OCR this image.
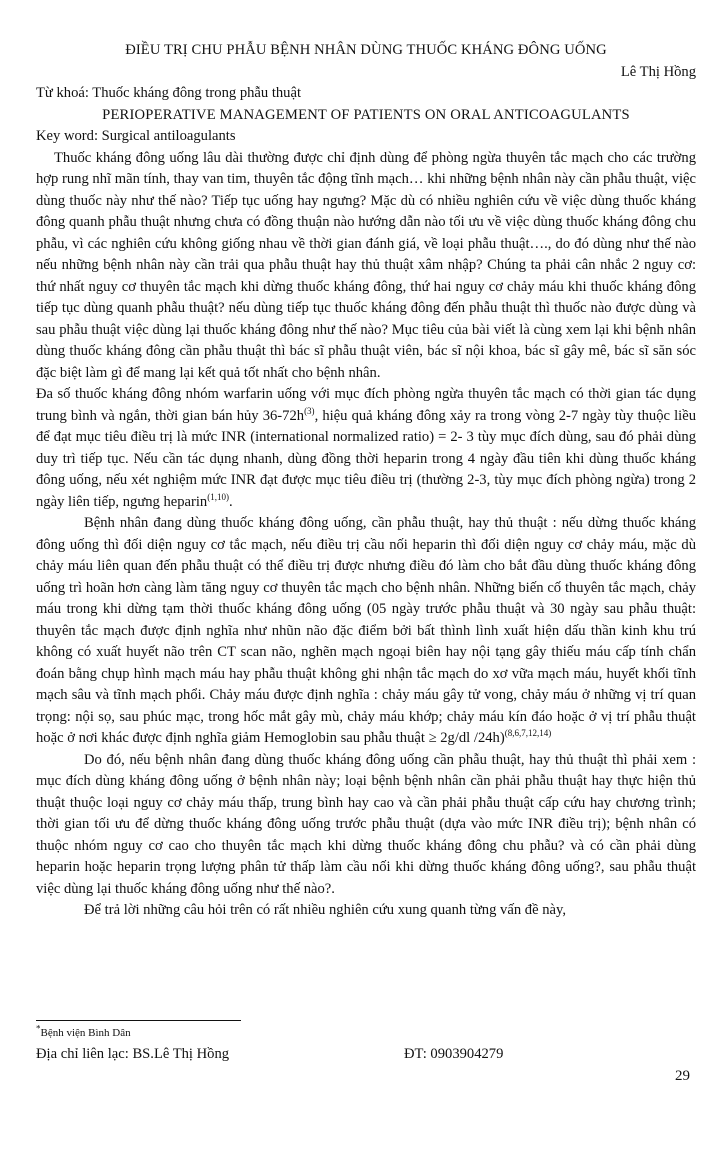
ĐIỀU TRỊ CHU PHẪU BỆNH NHÂN DÙNG THUỐC KHÁNG ĐÔNG UỐNG

Lê Thị Hồng

Từ khoá: Thuốc kháng đông trong phẫu thuật

PERIOPERATIVE MANAGEMENT OF PATIENTS ON ORAL ANTICOAGULANTS

Key word: Surgical antiloagulants

Thuốc kháng đông uống lâu dài thường được chỉ định dùng để phòng ngừa thuyên tắc mạch cho các trường hợp rung nhĩ mãn tính, thay van tim, thuyên tắc động tĩnh mạch… khi những bệnh nhân này cần phẫu thuật, việc dùng thuốc này như thế nào? Tiếp tục uống hay ngưng? Mặc dù có nhiều nghiên cứu về việc dùng thuốc kháng đông quanh phẫu thuật nhưng chưa có đồng thuận nào hướng dẫn nào tối ưu về việc dùng thuốc kháng đông chu phẫu, vì các nghiên cứu không giống nhau về thời gian đánh giá, về loại phẫu thuật…., do đó dùng như thế nào nếu những bệnh nhân này cần trải qua phẫu thuật hay thủ thuật xâm nhập? Chúng ta phải cân nhắc 2 nguy cơ: thứ nhất nguy cơ thuyên tắc mạch khi dừng thuốc kháng đông, thứ hai nguy cơ chảy máu khi thuốc kháng đông tiếp tục dùng quanh phẫu thuật? nếu dùng tiếp tục thuốc kháng đông đến phẫu thuật thì thuốc nào được dùng và sau phẫu thuật việc dùng lại thuốc kháng đông như thế nào? Mục tiêu của bài viết là cùng xem lại khi bệnh nhân dùng thuốc kháng đông cần phẫu thuật thì bác sĩ phẫu thuật viên, bác sĩ nội khoa, bác sĩ gây mê, bác sĩ săn sóc đặc biệt làm gì để mang lại kết quả tốt nhất cho bệnh nhân.

Đa số thuốc kháng đông nhóm warfarin uống với mục đích phòng ngừa thuyên tắc mạch có thời gian tác dụng trung bình và ngắn, thời gian bán hủy $36-72h^{(3)}$, hiệu quả kháng đông xảy ra trong vòng 2-7 ngày tùy thuộc liều để đạt mục tiêu điều trị là mức INR (international normalized ratio) = 2- 3 tùy mục đích dùng, sau đó phải dùng duy trì tiếp tục. Nếu cần tác dụng nhanh, dùng đồng thời heparin trong 4 ngày đầu tiên khi dùng thuốc kháng đông uống, nếu xét nghiệm mức INR đạt được mục tiêu điều trị (thường 2-3, tùy mục đích phòng ngừa) trong 2 ngày liên tiếp, ngưng heparin$^{(1,10)}$.

Bệnh nhân đang dùng thuốc kháng đông uống, cần phẫu thuật, hay thủ thuật : nếu dừng thuốc kháng đông uống thì đối diện nguy cơ tắc mạch, nếu điều trị cầu nối heparin thì đối diện nguy cơ chảy máu, mặc dù chảy máu liên quan đến phẫu thuật có thể điều trị được nhưng điều đó làm cho bắt đầu dùng thuốc kháng đông uống trì hoãn hơn càng làm tăng nguy cơ thuyên tắc mạch cho bệnh nhân. Những biến cố thuyên tắc mạch, chảy máu trong khi dừng tạm thời thuốc kháng đông uống (05 ngày trước phẫu thuật và 30 ngày sau phẫu thuật: thuyên tắc mạch được định nghĩa như nhũn não đặc điểm bởi bất thình lình xuất hiện dấu thần kinh khu trú không có xuất huyết não trên CT scan não, nghẽn mạch ngoại biên hay nội tạng gây thiếu máu cấp tính chẩn đoán bằng chụp hình mạch máu hay phẫu thuật không ghi nhận tắc mạch do xơ vữa mạch máu, huyết khối tĩnh mạch sâu và tĩnh mạch phổi. Chảy máu được định nghĩa : chảy máu gây tử vong, chảy máu ở những vị trí quan trọng: nội sọ, sau phúc mạc, trong hốc mắt gây mù, chảy máu khớp; chảy máu kín đáo hoặc ở vị trí phẫu thuật hoặc ở nơi khác được định nghĩa giảm Hemoglobin sau phẫu thuật ≥ 2g/dl /24h)$^{(8,6,7,12,14)}$

Do đó, nếu bệnh nhân đang dùng thuốc kháng đông uống cần phẫu thuật, hay thủ thuật thì phải xem : mục đích dùng kháng đông uống ở bệnh nhân này; loại bệnh bệnh nhân cần phải phẫu thuật hay thực hiện thủ thuật thuộc loại nguy cơ chảy máu thấp, trung bình hay cao và cần phải phẫu thuật cấp cứu hay chương trình; thời gian tối ưu để dừng thuốc kháng đông uống trước phẫu thuật (dựa vào mức INR điều trị); bệnh nhân có thuộc nhóm nguy cơ cao cho thuyên tắc mạch khi dừng thuốc kháng đông chu phẫu? và có cần phải dùng heparin hoặc heparin trọng lượng phân tử thấp làm cầu nối khi dừng thuốc kháng đông uống?, sau phẫu thuật việc dùng lại thuốc kháng đông uống như thế nào?.

Để trả lời những câu hỏi trên có rất nhiều nghiên cứu xung quanh từng vấn đề này,

*Bệnh viện Bình Dân
Địa chỉ liên lạc: BS.Lê Thị Hồng	ĐT: 0903904279
29
